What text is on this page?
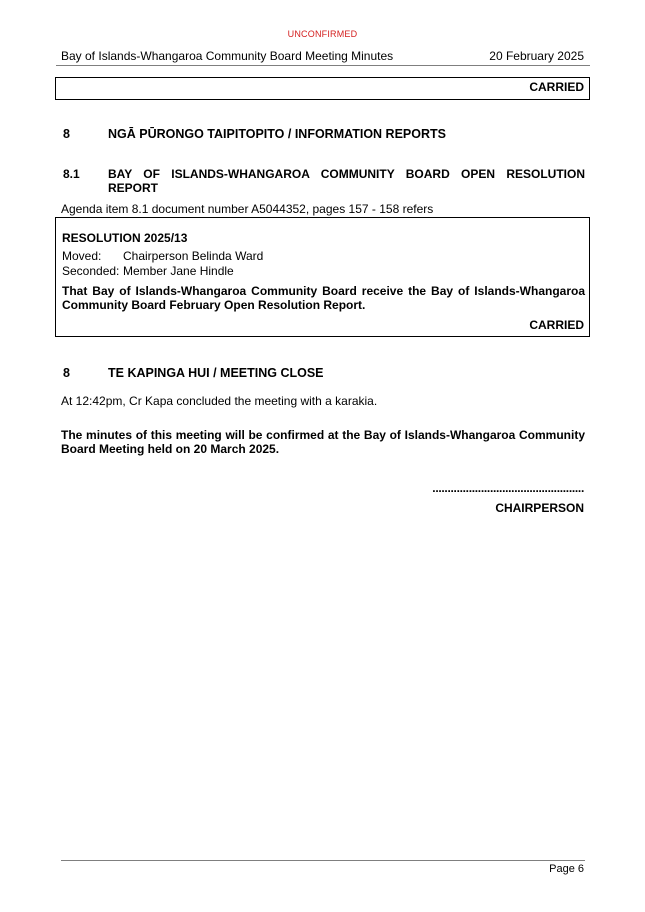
UNCONFIRMED
Bay of Islands-Whangaroa Community Board Meeting Minutes	20 February 2025
CARRIED
8	NGĀ PŪRONGO TAIPITOPITO / INFORMATION REPORTS
8.1 BAY OF ISLANDS-WHANGAROA COMMUNITY BOARD OPEN RESOLUTION REPORT
Agenda item 8.1 document number A5044352, pages 157 - 158 refers
RESOLUTION 2025/13
Moved: Chairperson Belinda Ward
Seconded: Member Jane Hindle
That Bay of Islands-Whangaroa Community Board receive the Bay of Islands-Whangaroa Community Board February Open Resolution Report.
CARRIED
8	TE KAPINGA HUI / MEETING CLOSE
At 12:42pm, Cr Kapa concluded the meeting with a karakia.
The minutes of this meeting will be confirmed at the Bay of Islands-Whangaroa Community Board Meeting held on 20 March 2025.
..................................................
CHAIRPERSON
Page 6
